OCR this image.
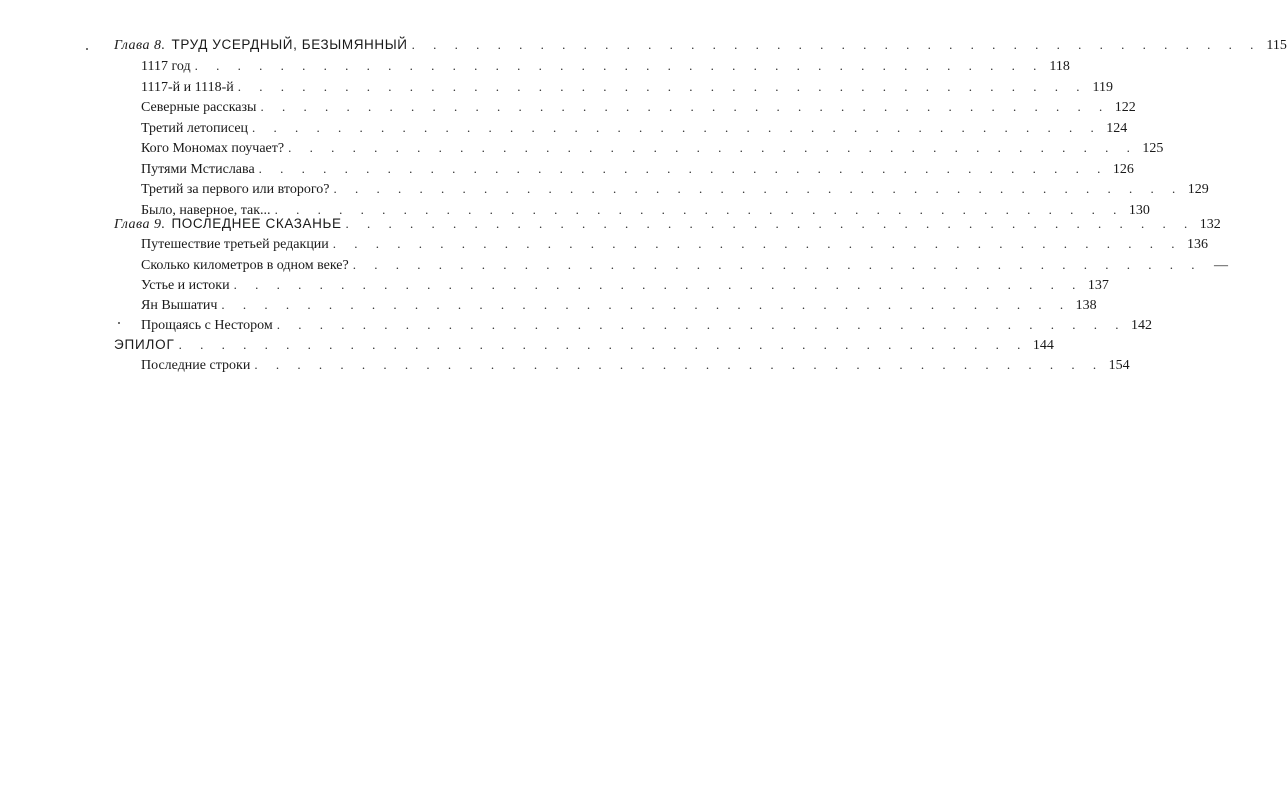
Глава 8. ТРУД УСЕРДНЫЙ, БЕЗЫМЯННЫЙ . . . . . . . . . . . . . . . . . . . . . . . . . . . . . . . . . . . . . . . . 115
1117 год . . . . . . . . . . . . . . . . . . . . . . . . . . . . . . . . . . . . . . . . 118
1117-й и 1118-й . . . . . . . . . . . . . . . . . . . . . . . . . . . . . . . . . . . . . . . . 119
Северные рассказы . . . . . . . . . . . . . . . . . . . . . . . . . . . . . . . . . . . . . . . . 122
Третий летописец . . . . . . . . . . . . . . . . . . . . . . . . . . . . . . . . . . . . . . . . 124
Кого Мономах поучает? . . . . . . . . . . . . . . . . . . . . . . . . . . . . . . . . . . . . . . . . 125
Путями Мстислава . . . . . . . . . . . . . . . . . . . . . . . . . . . . . . . . . . . . . . . . 126
Третий за первого или второго? . . . . . . . . . . . . . . . . . . . . . . . . . . . . . . . . . . . . . . . . 129
Было, наверное, так... . . . . . . . . . . . . . . . . . . . . . . . . . . . . . . . . . . . . . . . . 130
Глава 9. ПОСЛЕДНЕЕ СКАЗАНЬЕ . . . . . . . . . . . . . . . . . . . . . . . . . . . . . . . . . . . . . . . . 132
Путешествие третьей редакции . . . . . . . . . . . . . . . . . . . . . . . . . . . . . . . . . . . . . . . . 136
Сколько километров в одном веке? . . . . . . . . . . . . . . . . . . . . . . . . . . . . . . . . . . . . . . . . —
Устье и истоки . . . . . . . . . . . . . . . . . . . . . . . . . . . . . . . . . . . . . . . . 137
Ян Вышатич . . . . . . . . . . . . . . . . . . . . . . . . . . . . . . . . . . . . . . . . 138
Прощаясь с Нестором . . . . . . . . . . . . . . . . . . . . . . . . . . . . . . . . . . . . . . . . 142
ЭПИЛОГ . . . . . . . . . . . . . . . . . . . . . . . . . . . . . . . . . . . . . . . . 144
Последние строки . . . . . . . . . . . . . . . . . . . . . . . . . . . . . . . . . . . . . . . . 154
